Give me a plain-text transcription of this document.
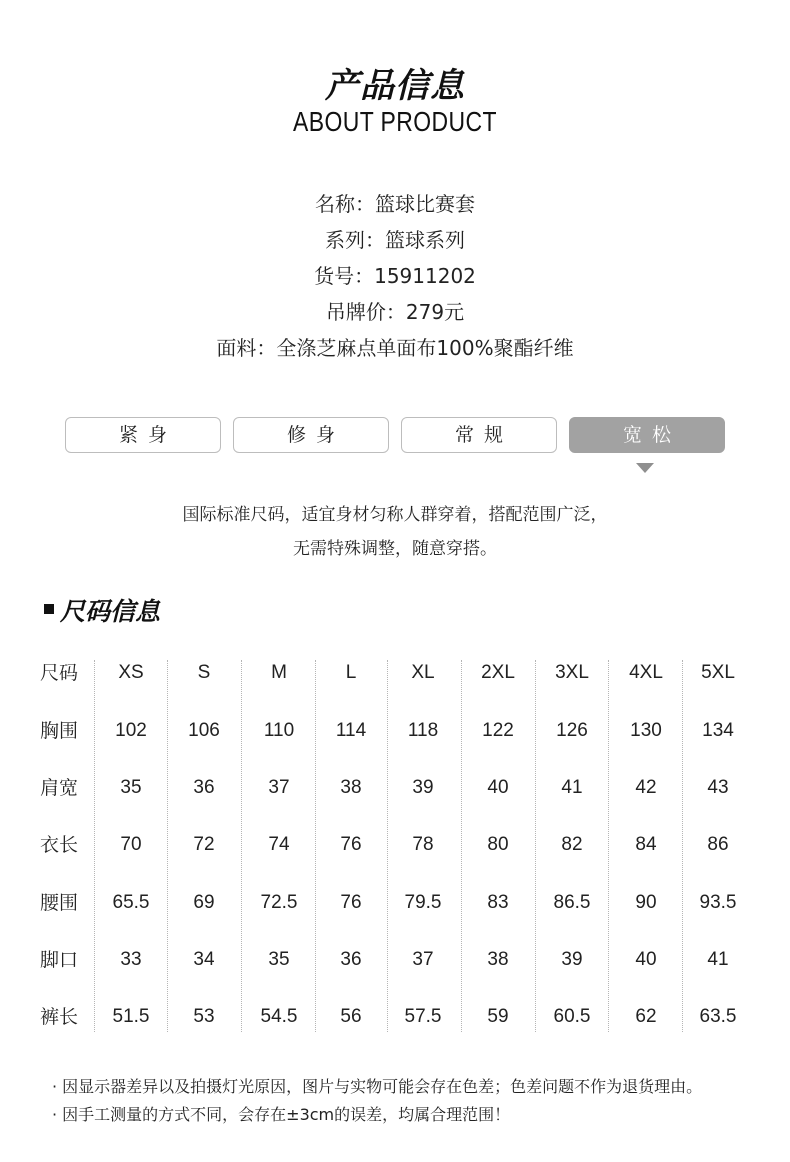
产品信息
ABOUT PRODUCT
名称：篮球比赛套
系列：篮球系列
货号：15911202
吊牌价：279元
面料：全涤芝麻点单面布100%聚酯纤维
紧身	修身	常规	宽松
国际标准尺码，适宜身材匀称人群穿着，搭配范围广泛，
无需特殊调整，随意穿搭。
尺码信息
尺码	XS	S	M	L	XL	2XL	3XL	4XL	5XL
胸围	102	106	110	114	118	122	126	130	134
肩宽	35	36	37	38	39	40	41	42	43
衣长	70	72	74	76	78	80	82	84	86
腰围	65.5	69	72.5	76	79.5	83	86.5	90	93.5
脚口	33	34	35	36	37	38	39	40	41
裤长	51.5	53	54.5	56	57.5	59	60.5	62	63.5
· 因显示器差异以及拍摄灯光原因，图片与实物可能会存在色差；色差问题不作为退货理由。
· 因手工测量的方式不同，会存在±3cm的误差，均属合理范围！
